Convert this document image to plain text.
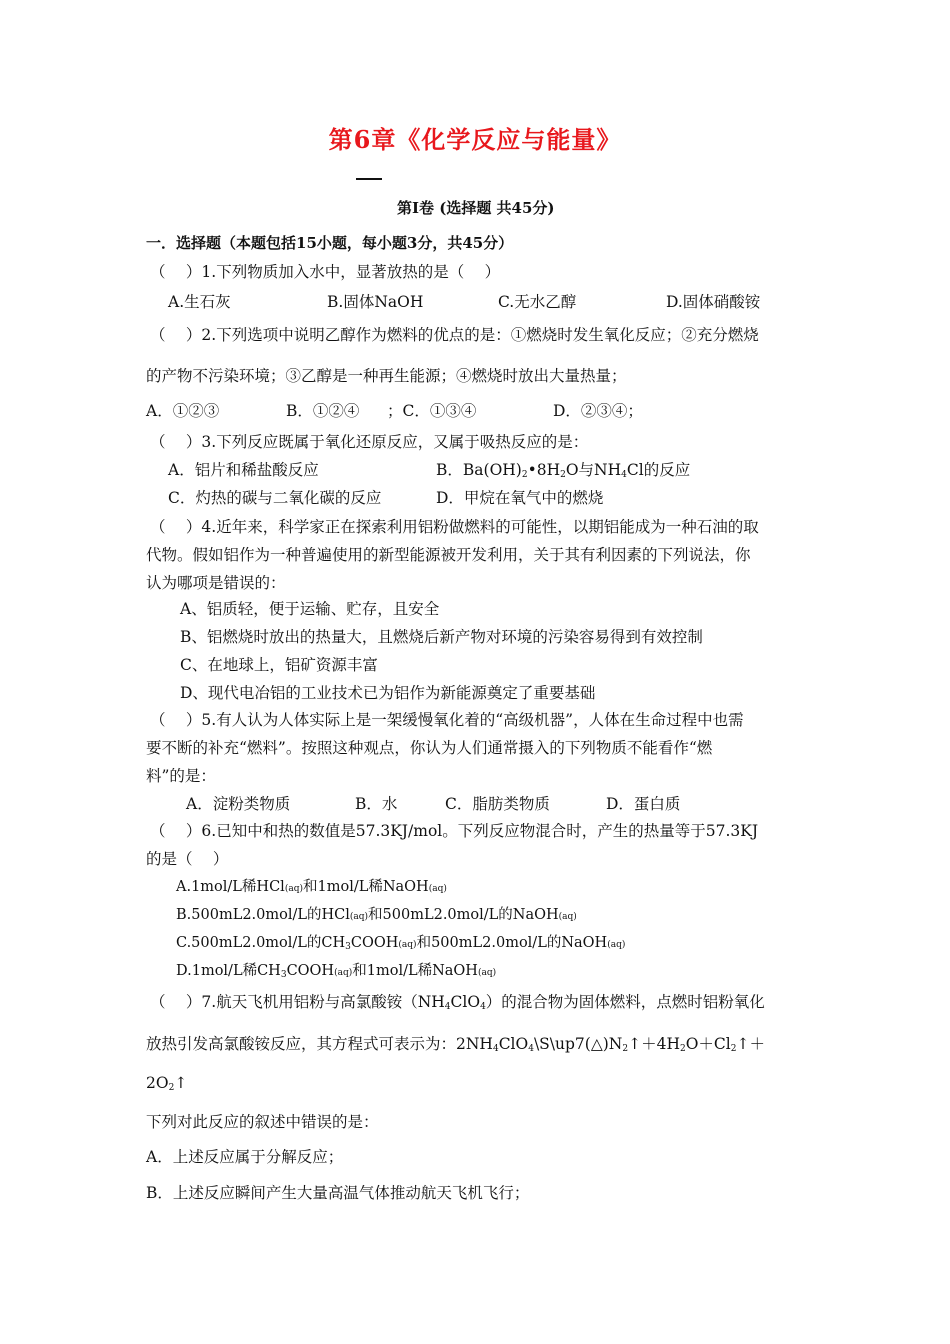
第6章《化学反应与能量》
第Ⅰ卷 (选择题 共45分)
一．选择题（本题包括15小题，每小题3分，共45分）
（　 ）1.下列物质加入水中，显著放热的是（　 ）
A.生石灰	B.固体NaOH	C.无水乙醇	D.固体硝酸铵
（　 ）2.下列选项中说明乙醇作为燃料的优点的是：①燃烧时发生氧化反应；②充分燃烧
的产物不污染环境；③乙醇是一种再生能源；④燃烧时放出大量热量；
A．①②③	B．①②④ ；C．①③④	D．②③④；
（　 ）3.下列反应既属于氧化还原反应，又属于吸热反应的是：
A．铝片和稀盐酸反应	B．$Ba(OH)_2•8H_2O$与$NH_4Cl$的反应
C．灼热的碳与二氧化碳的反应	D．甲烷在氧气中的燃烧
（　 ）4.近年来，科学家正在探索利用铝粉做燃料的可能性，以期铝能成为一种石油的取
代物。假如铝作为一种普遍使用的新型能源被开发利用，关于其有利因素的下列说法，你
认为哪项是错误的：
A、铝质轻，便于运输、贮存，且安全
B、铝燃烧时放出的热量大，且燃烧后新产物对环境的污染容易得到有效控制
C、在地球上，铝矿资源丰富
D、现代电冶铝的工业技术已为铝作为新能源奠定了重要基础
（　 ）5.有人认为人体实际上是一架缓慢氧化着的“高级机器”，人体在生命过程中也需
要不断的补充“燃料”。按照这种观点，你认为人们通常摄入的下列物质不能看作“燃
料”的是：
A．淀粉类物质	B．水	C．脂肪类物质	D．蛋白质
（　 ）6.已知中和热的数值是57.3KJ/mol。下列反应物混合时，产生的热量等于57.3KJ
的是（　 ）
A.1mol/L稀HCl(aq)和1mol/L稀NaOH(aq)
B.500mL2.0mol/L的HCl(aq)和500mL2.0mol/L的NaOH(aq)
C.500mL2.0mol/L的$CH_3COOH(aq)$和500mL2.0mol/L的NaOH(aq)
D.1mol/L稀$CH_3COOH(aq)$和1mol/L稀NaOH(aq)
（　 ）7.航天飞机用铝粉与高氯酸铵$(NH_4ClO_4)$的混合物为固体燃料，点燃时铝粉氧化
放热引发高氯酸铵反应，其方程式可表示为：$2NH_4ClO_4\backslash S\backslash up7(\triangle)N_2↑+4H_2O+Cl_2↑+$
$2O_2↑$
下列对此反应的叙述中错误的是：
A．上述反应属于分解反应；
B．上述反应瞬间产生大量高温气体推动航天飞机飞行；
